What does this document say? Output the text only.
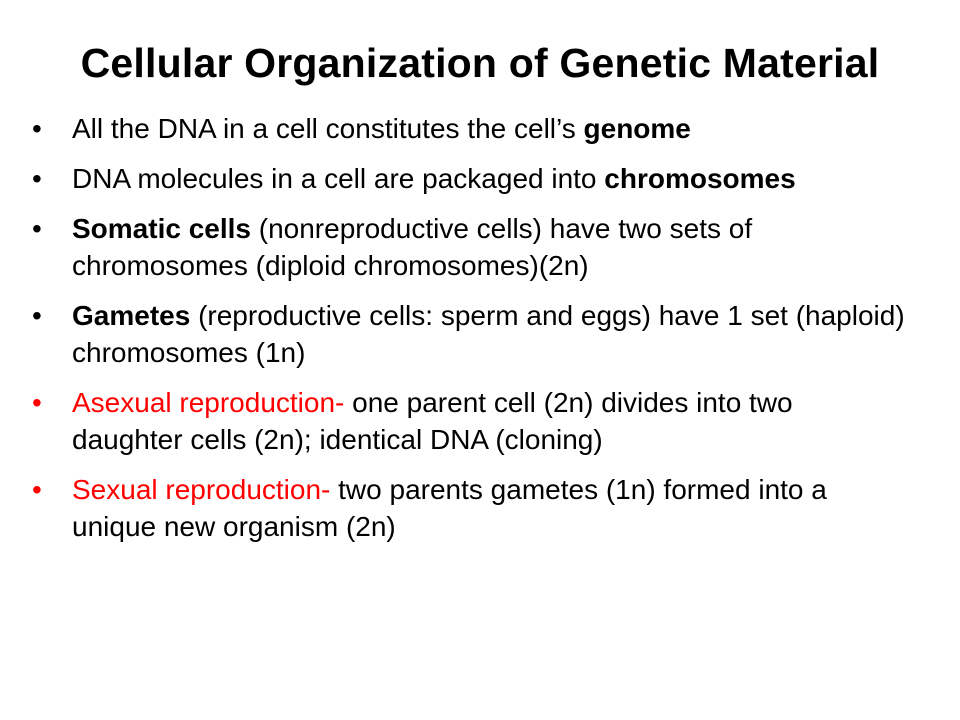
Cellular Organization of Genetic Material
• All the DNA in a cell constitutes the cell’s genome
• DNA molecules in a cell are packaged into chromosomes
• Somatic cells (nonreproductive cells) have two sets of chromosomes (diploid chromosomes)(2n)
• Gametes (reproductive cells: sperm and eggs) have 1 set (haploid) chromosomes (1n)
• Asexual reproduction- one parent cell (2n) divides into two daughter cells (2n); identical DNA (cloning)
• Sexual reproduction- two parents gametes (1n) formed into a unique new organism (2n)
